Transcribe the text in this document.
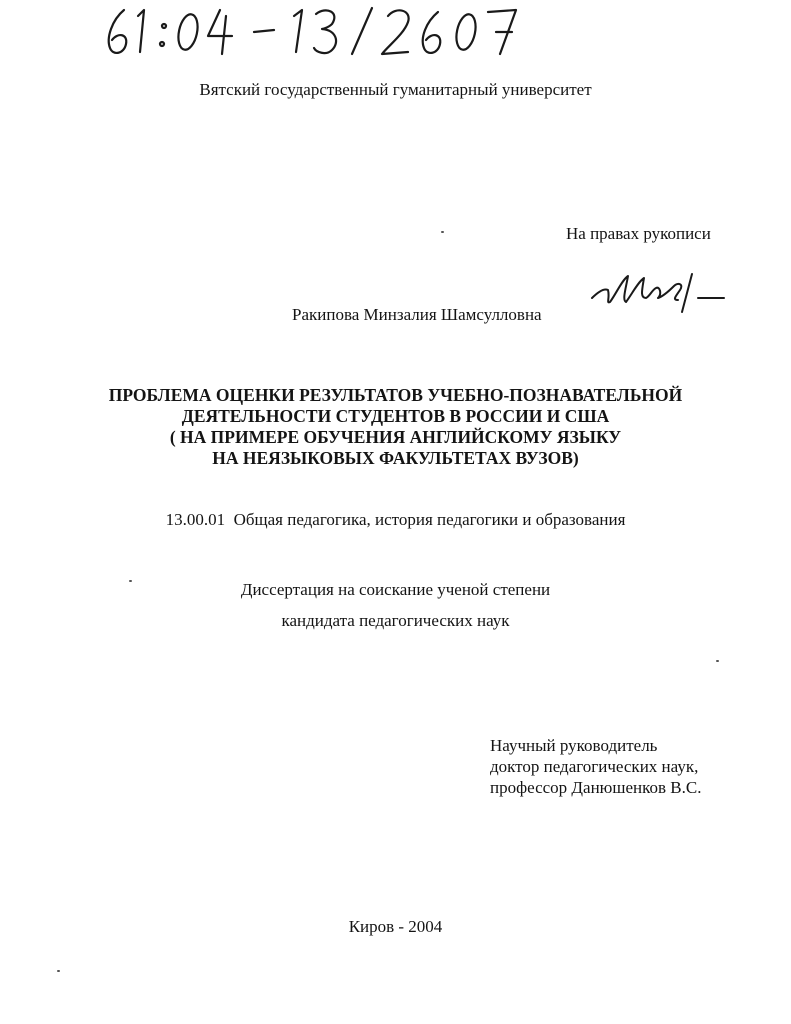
Вятский государственный гуманитарный университет
На правах рукописи
Ракипова Минзалия Шамсулловна
ПРОБЛЕМА ОЦЕНКИ РЕЗУЛЬТАТОВ УЧЕБНО-ПОЗНАВАТЕЛЬНОЙ
ДЕЯТЕЛЬНОСТИ СТУДЕНТОВ В РОССИИ И США
( НА ПРИМЕРЕ ОБУЧЕНИЯ АНГЛИЙСКОМУ ЯЗЫКУ
НА НЕЯЗЫКОВЫХ ФАКУЛЬТЕТАХ ВУЗОВ)
13.00.01  Общая педагогика, история педагогики и образования
Диссертация на соискание ученой степени
кандидата педагогических наук
Научный руководитель
доктор педагогических наук,
профессор Данюшенков В.С.
Киров - 2004
